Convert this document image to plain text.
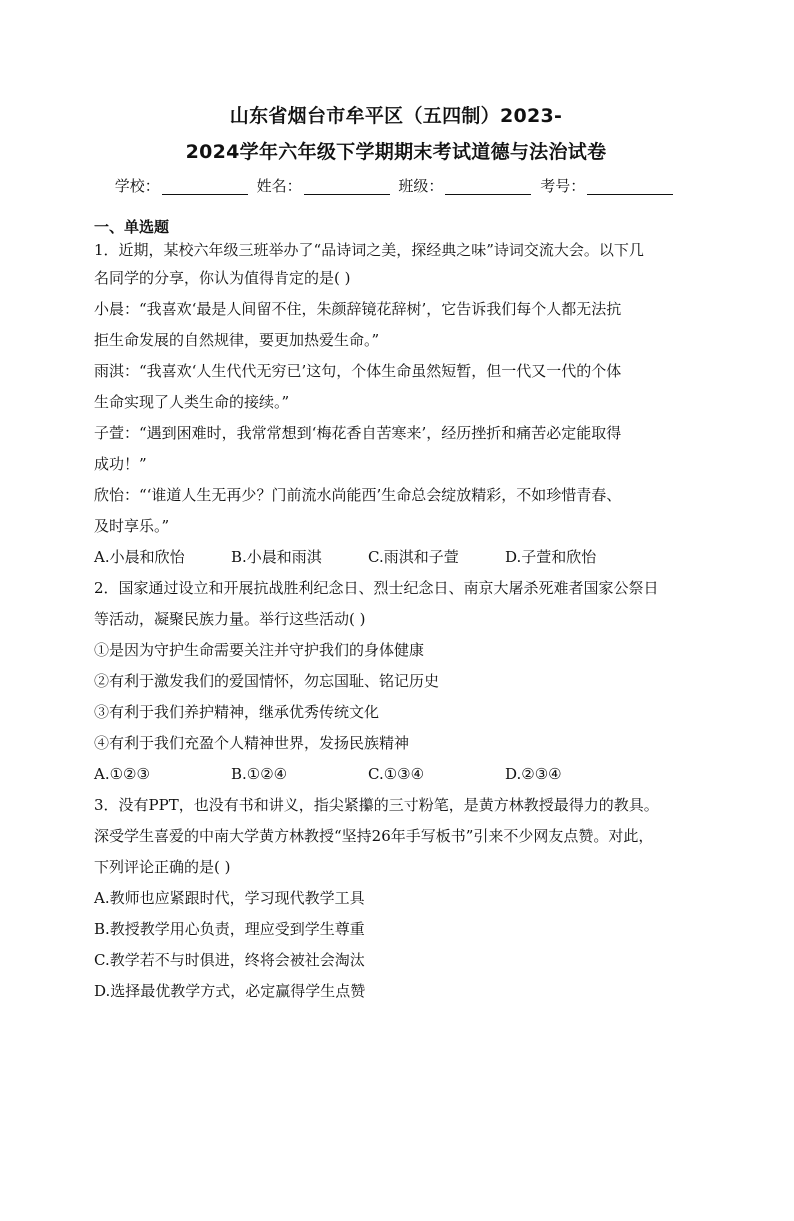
山东省烟台市牟平区（五四制）2023-
2024学年六年级下学期期末考试道德与法治试卷
学校：	姓名：	班级：	考号：
一、单选题
1．近期，某校六年级三班举办了“品诗词之美，探经典之味”诗词交流大会。以下几
名同学的分享，你认为值得肯定的是( )
小晨：“我喜欢‘最是人间留不住，朱颜辞镜花辞树’，它告诉我们每个人都无法抗
拒生命发展的自然规律，要更加热爱生命。”
雨淇：“我喜欢‘人生代代无穷已’这句，个体生命虽然短暂，但一代又一代的个体
生命实现了人类生命的接续。”
子萱：“遇到困难时，我常常想到‘梅花香自苦寒来’，经历挫折和痛苦必定能取得
成功！”
欣怡：“‘谁道人生无再少？门前流水尚能西’生命总会绽放精彩，不如珍惜青春、
及时享乐。”
A.小晨和欣怡	B.小晨和雨淇	C.雨淇和子萱	D.子萱和欣怡
2．国家通过设立和开展抗战胜利纪念日、烈士纪念日、南京大屠杀死难者国家公祭日
等活动，凝聚民族力量。举行这些活动( )
①是因为守护生命需要关注并守护我们的身体健康
②有利于激发我们的爱国情怀，勿忘国耻、铭记历史
③有利于我们养护精神，继承优秀传统文化
④有利于我们充盈个人精神世界，发扬民族精神
A.①②③	B.①②④	C.①③④	D.②③④
3．没有PPT，也没有书和讲义，指尖紧攥的三寸粉笔，是黄方林教授最得力的教具。
深受学生喜爱的中南大学黄方林教授“坚持26年手写板书”引来不少网友点赞。对此，
下列评论正确的是( )
A.教师也应紧跟时代，学习现代教学工具
B.教授教学用心负责，理应受到学生尊重
C.教学若不与时俱进，终将会被社会淘汰
D.选择最优教学方式，必定赢得学生点赞
